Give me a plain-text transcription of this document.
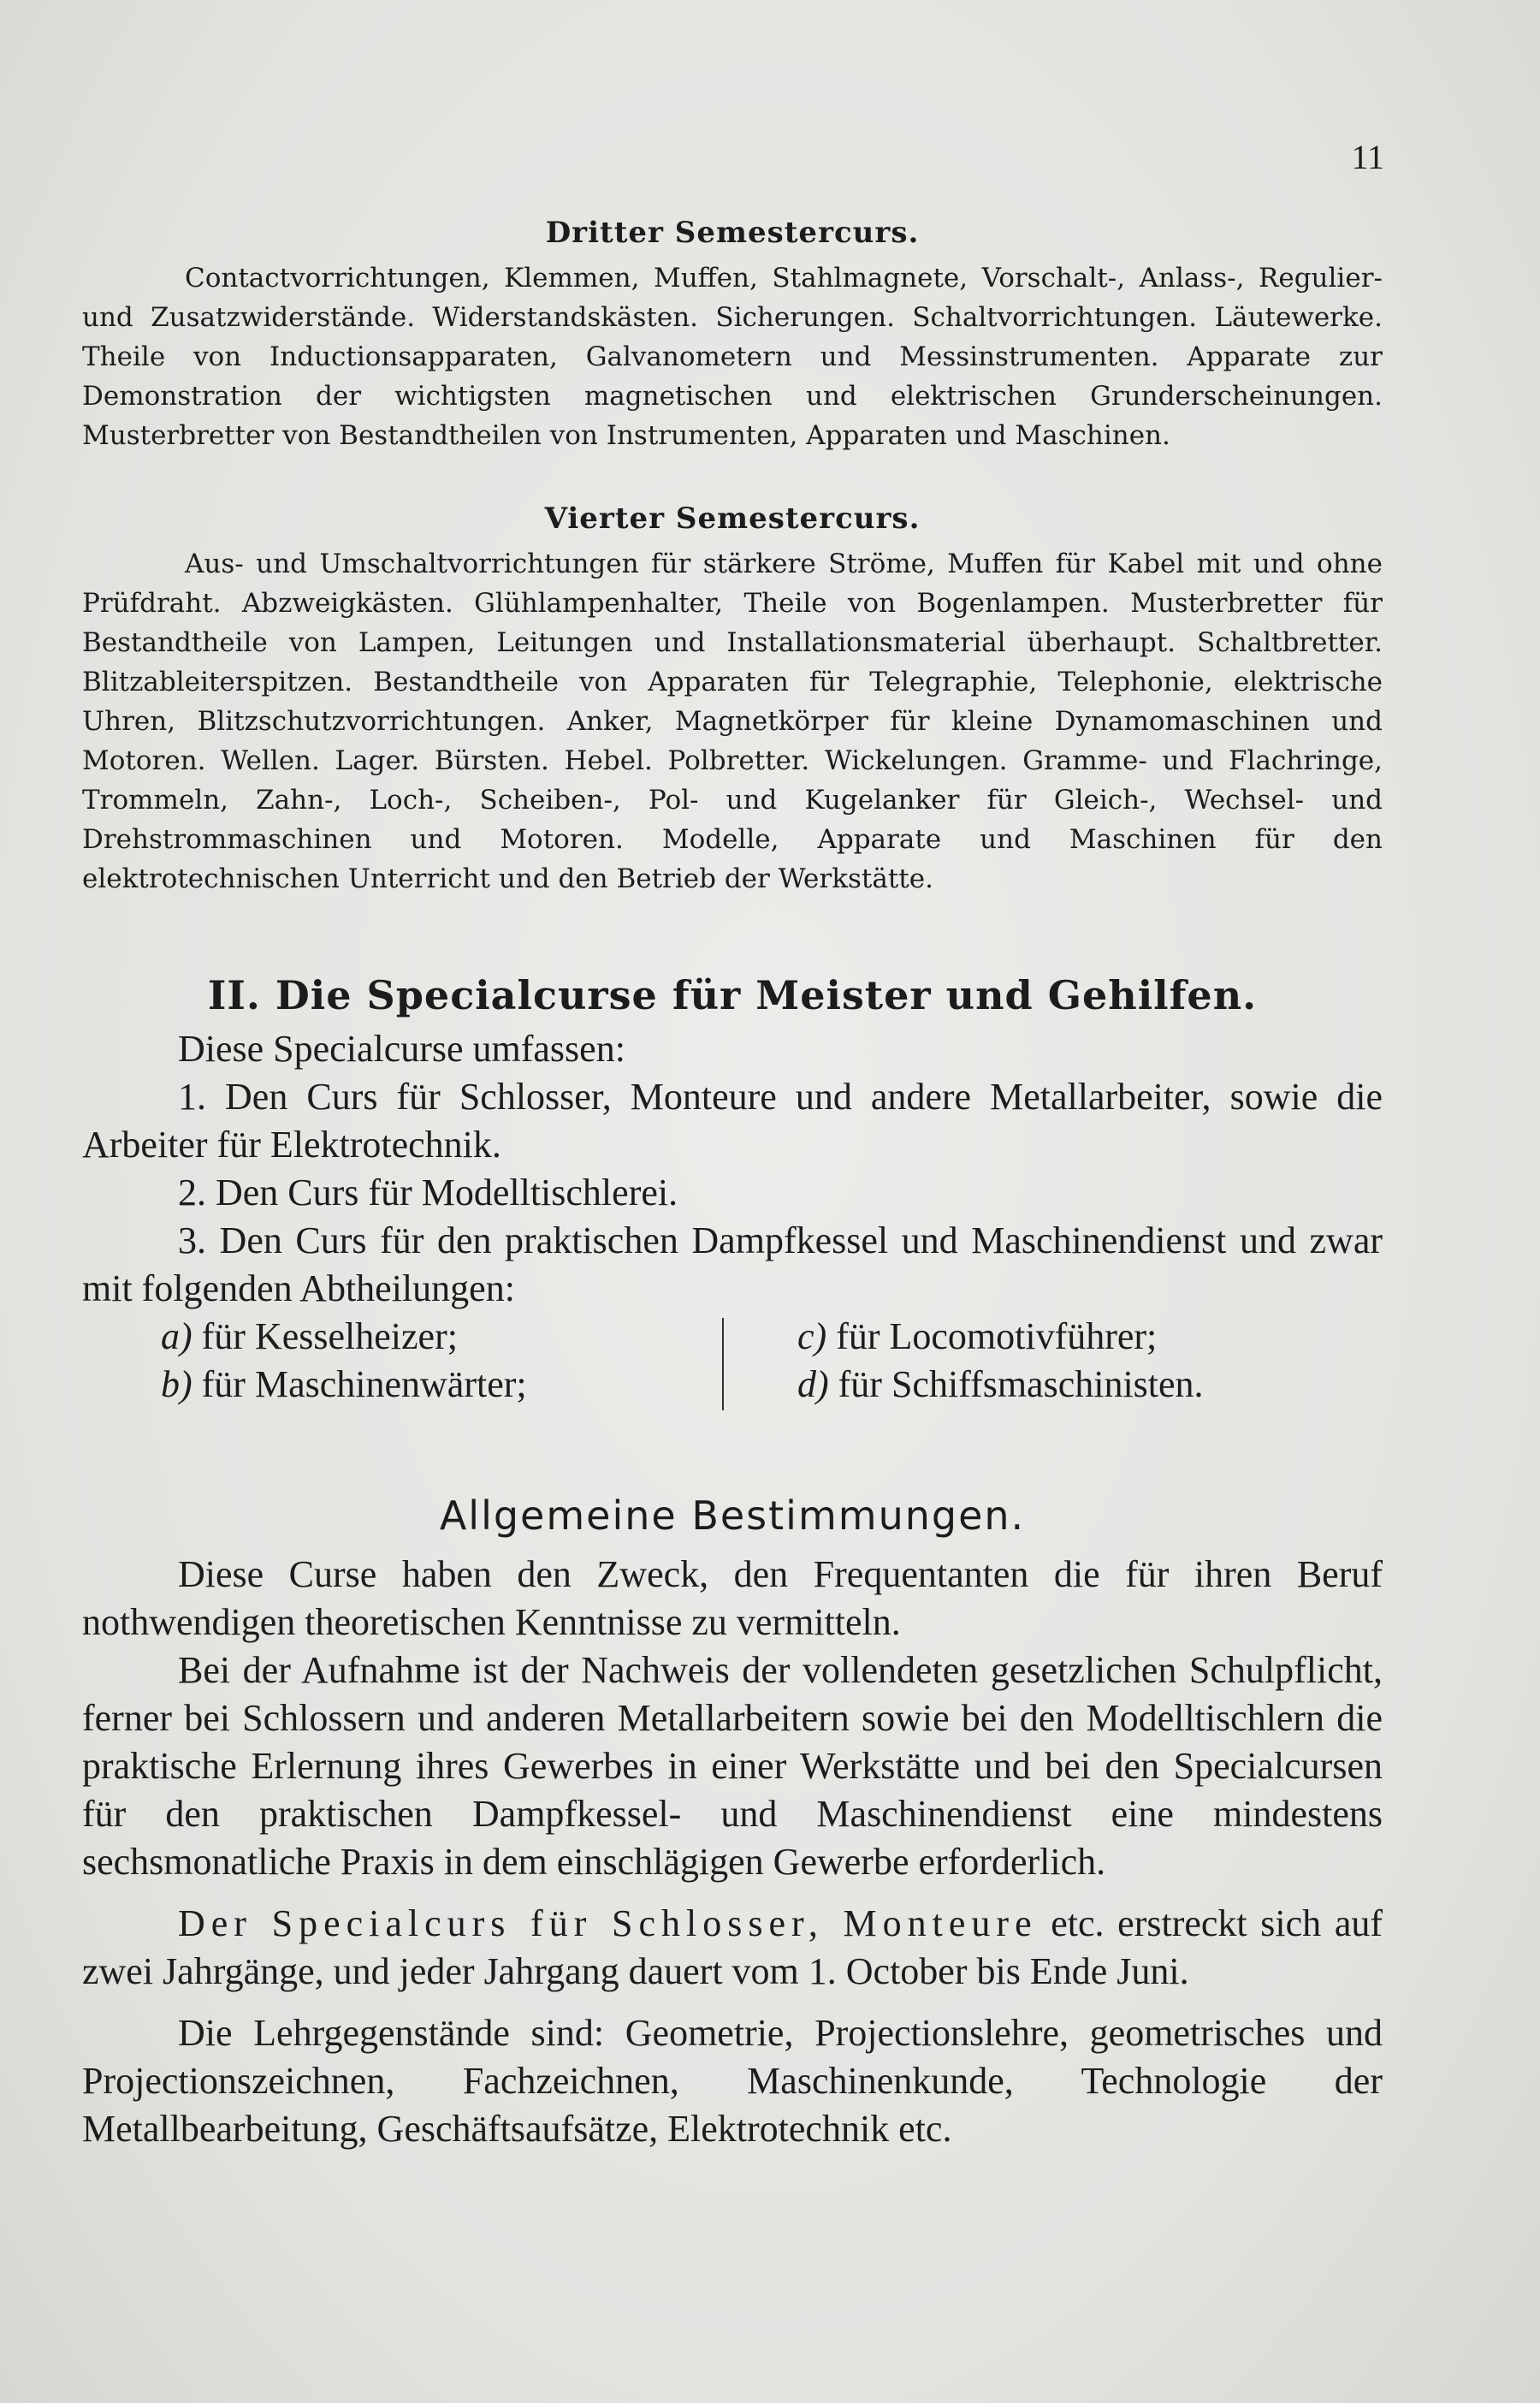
11
Dritter Semestercurs.

Contactvorrichtungen, Klemmen, Muffen, Stahlmagnete, Vorschalt-, Anlass-, Regulier- und Zusatzwiderstände. Widerstandskästen. Sicherungen. Schaltvorrichtungen. Läutewerke. Theile von Inductionsapparaten, Galvanometern und Messinstrumenten. Apparate zur Demonstration der wichtigsten magnetischen und elektrischen Grunderscheinungen. Musterbretter von Bestandtheilen von Instrumenten, Apparaten und Maschinen.

Vierter Semestercurs.

Aus- und Umschaltvorrichtungen für stärkere Ströme, Muffen für Kabel mit und ohne Prüfdraht. Abzweigkästen. Glühlampenhalter, Theile von Bogenlampen. Musterbretter für Bestandtheile von Lampen, Leitungen und Installationsmaterial überhaupt. Schaltbretter. Blitzableiterspitzen. Bestandtheile von Apparaten für Telegraphie, Telephonie, elektrische Uhren, Blitzschutzvorrichtungen. Anker, Magnetkörper für kleine Dynamomaschinen und Motoren. Wellen. Lager. Bürsten. Hebel. Polbretter. Wickelungen. Gramme- und Flachringe, Trommeln, Zahn-, Loch-, Scheiben-, Pol- und Kugelanker für Gleich-, Wechsel- und Drehstrommaschinen und Motoren. Modelle, Apparate und Maschinen für den elektrotechnischen Unterricht und den Betrieb der Werkstätte.

II. Die Specialcurse für Meister und Gehilfen.

Diese Specialcurse umfassen:

1. Den Curs für Schlosser, Monteure und andere Metallarbeiter, sowie die Arbeiter für Elektrotechnik.

2. Den Curs für Modelltischlerei.

3. Den Curs für den praktischen Dampfkessel und Maschinendienst und zwar mit folgenden Abtheilungen:

a) für Kesselheizer;
b) für Maschinenwärter;
c) für Locomotivführer;
d) für Schiffsmaschinisten.
Allgemeine Bestimmungen.

Diese Curse haben den Zweck, den Frequentanten die für ihren Beruf nothwendigen theoretischen Kenntnisse zu vermitteln.

Bei der Aufnahme ist der Nachweis der vollendeten gesetzlichen Schulpflicht, ferner bei Schlossern und anderen Metallarbeitern sowie bei den Modelltischlern die praktische Erlernung ihres Gewerbes in einer Werkstätte und bei den Specialcursen für den praktischen Dampfkessel- und Maschinendienst eine mindestens sechsmonatliche Praxis in dem einschlägigen Gewerbe erforderlich.

Der Specialcurs für Schlosser, Monteure etc. erstreckt sich auf zwei Jahrgänge, und jeder Jahrgang dauert vom 1. October bis Ende Juni.

Die Lehrgegenstände sind: Geometrie, Projectionslehre, geometrisches und Projectionszeichnen, Fachzeichnen, Maschinenkunde, Technologie der Metallbearbeitung, Geschäftsaufsätze, Elektrotechnik etc.
